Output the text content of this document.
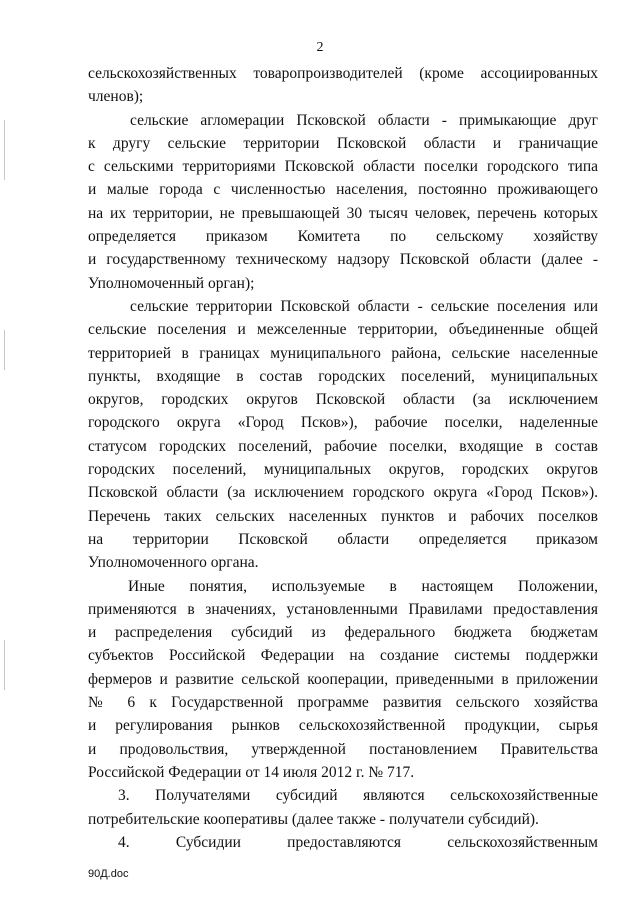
2
сельскохозяйственных товаропроизводителей (кроме ассоциированных
членов);
сельские агломерации Псковской области - примыкающие друг
к другу сельские территории Псковской области и граничащие
с сельскими территориями Псковской области поселки городского типа
и малые города с численностью населения, постоянно проживающего
на их территории, не превышающей 30 тысяч человек, перечень которых
определяется приказом Комитета по сельскому хозяйству
и государственному техническому надзору Псковской области (далее -
Уполномоченный орган);
сельские территории Псковской области - сельские поселения или
сельские поселения и межселенные территории, объединенные общей
территорией в границах муниципального района, сельские населенные
пункты, входящие в состав городских поселений, муниципальных
округов, городских округов Псковской области (за исключением
городского округа «Город Псков»), рабочие поселки, наделенные
статусом городских поселений, рабочие поселки, входящие в состав
городских поселений, муниципальных округов, городских округов
Псковской области (за исключением городского округа «Город Псков»).
Перечень таких сельских населенных пунктов и рабочих поселков
на территории Псковской области определяется приказом
Уполномоченного органа.
Иные понятия, используемые в настоящем Положении,
применяются в значениях, установленными Правилами предоставления
и распределения субсидий из федерального бюджета бюджетам
субъектов Российской Федерации на создание системы поддержки
фермеров и развитие сельской кооперации, приведенными в приложении
№ 6 к Государственной программе развития сельского хозяйства
и регулирования рынков сельскохозяйственной продукции, сырья
и продовольствия, утвержденной постановлением Правительства
Российской Федерации от 14 июля 2012 г. № 717.
3. Получателями субсидий являются сельскохозяйственные
потребительские кооперативы (далее также - получатели субсидий).
4. Субсидии предоставляются сельскохозяйственным
90Д.doc
